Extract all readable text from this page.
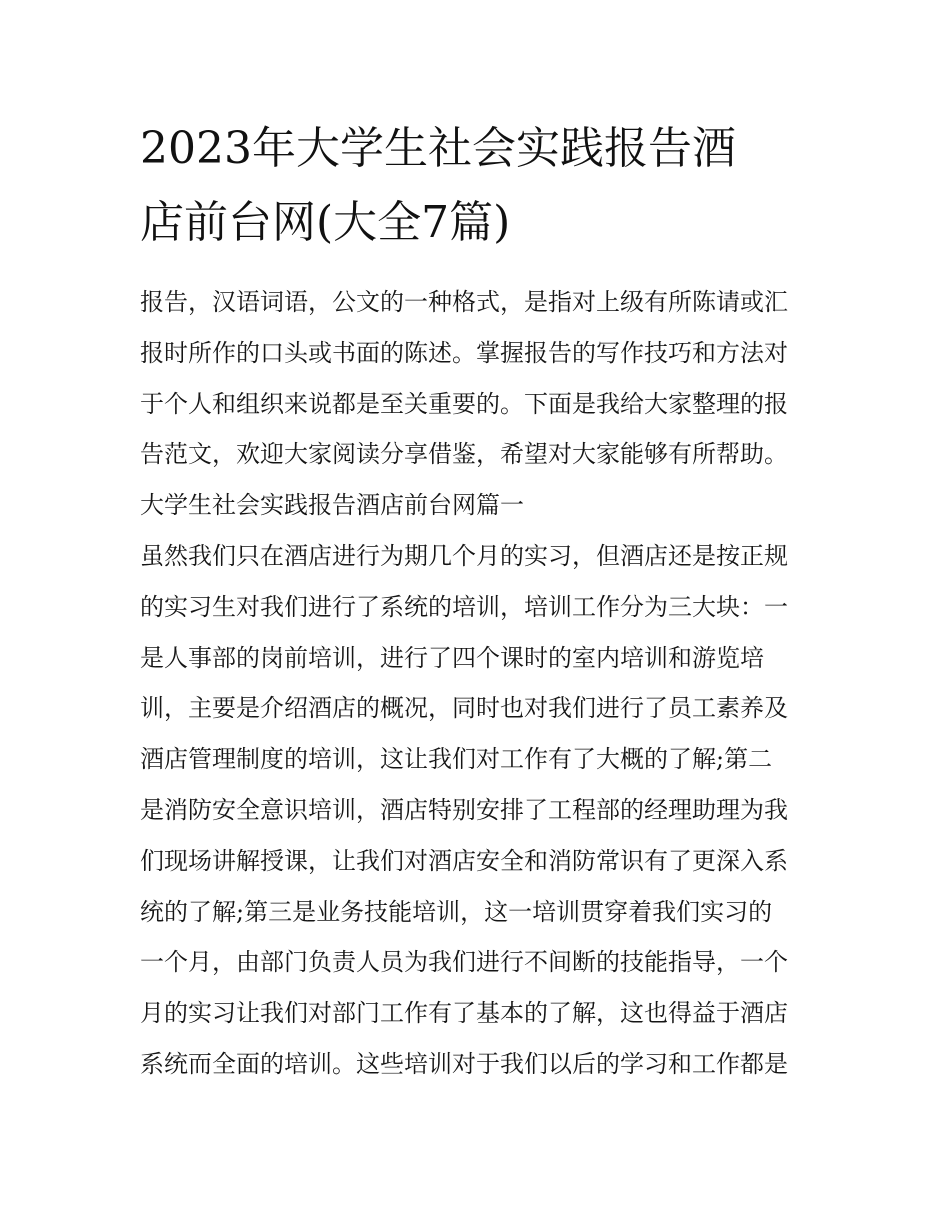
2023年大学生社会实践报告酒
店前台网(大全7篇)
报告，汉语词语，公文的一种格式，是指对上级有所陈请或汇
报时所作的口头或书面的陈述。掌握报告的写作技巧和方法对
于个人和组织来说都是至关重要的。下面是我给大家整理的报
告范文，欢迎大家阅读分享借鉴，希望对大家能够有所帮助。
大学生社会实践报告酒店前台网篇一
虽然我们只在酒店进行为期几个月的实习，但酒店还是按正规
的实习生对我们进行了系统的培训，培训工作分为三大块：一
是人事部的岗前培训，进行了四个课时的室内培训和游览培
训，主要是介绍酒店的概况，同时也对我们进行了员工素养及
酒店管理制度的培训，这让我们对工作有了大概的了解;第二
是消防安全意识培训，酒店特别安排了工程部的经理助理为我
们现场讲解授课，让我们对酒店安全和消防常识有了更深入系
统的了解;第三是业务技能培训，这一培训贯穿着我们实习的
一个月，由部门负责人员为我们进行不间断的技能指导，一个
月的实习让我们对部门工作有了基本的了解，这也得益于酒店
系统而全面的培训。这些培训对于我们以后的学习和工作都是
